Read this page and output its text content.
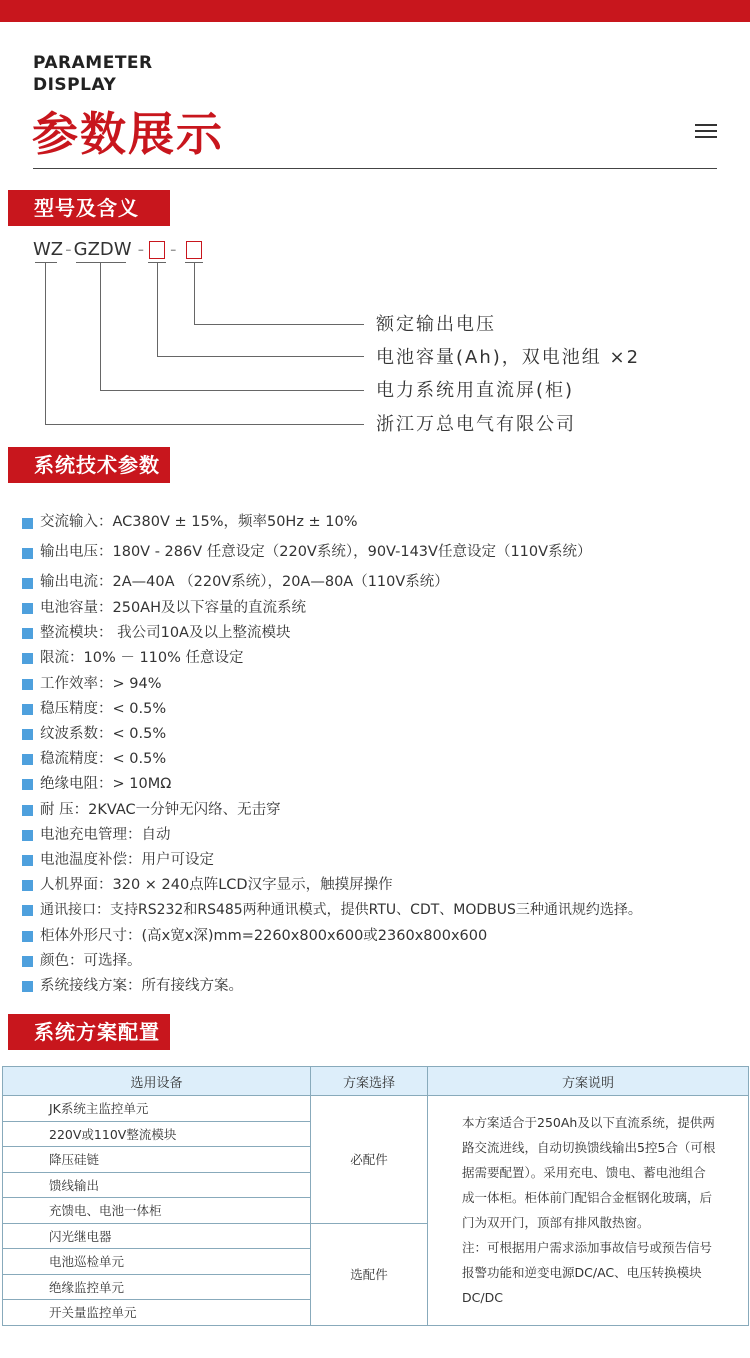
PARAMETER
DISPLAY
参数展示
型号及含义
WZ - GZDW - -
额定输出电压
电池容量(Ah)，双电池组 ×2
电力系统用直流屏(柜)
浙江万总电气有限公司
系统技术参数
交流输入：AC380V ± 15%，频率50Hz ± 10%
输出电压：180V - 286V 任意设定（220V系统），90V-143V任意设定（110V系统）
输出电流：2A—40A （220V系统），20A—80A（110V系统）
电池容量：250AH及以下容量的直流系统
整流模块： 我公司10A及以上整流模块
限流：10% － 110% 任意设定
工作效率：> 94%
稳压精度：< 0.5%
纹波系数：< 0.5%
稳流精度：< 0.5%
绝缘电阻：> 10MΩ
耐 压：2KVAC一分钟无闪络、无击穿
电池充电管理：自动
电池温度补偿：用户可设定
人机界面：320 × 240点阵LCD汉字显示，触摸屏操作
通讯接口：支持RS232和RS485两种通讯模式，提供RTU、CDT、MODBUS三种通讯规约选择。
柜体外形尺寸：(高x宽x深)mm=2260x800x600或2360x800x600
颜色：可选择。
系统接线方案：所有接线方案。
系统方案配置
选用设备	方案选择	方案说明
JK系统主监控单元	必配件	本方案适合于250Ah及以下直流系统，提供两路交流进线，自动切换馈线输出5控5合（可根据需要配置）。采用充电、馈电、蓄电池组合成一体柜。柜体前门配铝合金框钢化玻璃，后门为双开门，顶部有排风散热窗。

注：可根据用户需求添加事故信号或预告信号报警功能和逆变电源DC/AC、电压转换模块DC/DC

220V或110V整流模块		
降压硅链		
馈线输出		
充馈电、电池一体柜		
闪光继电器	选配件	
电池巡检单元		
绝缘监控单元		
开关量监控单元		
